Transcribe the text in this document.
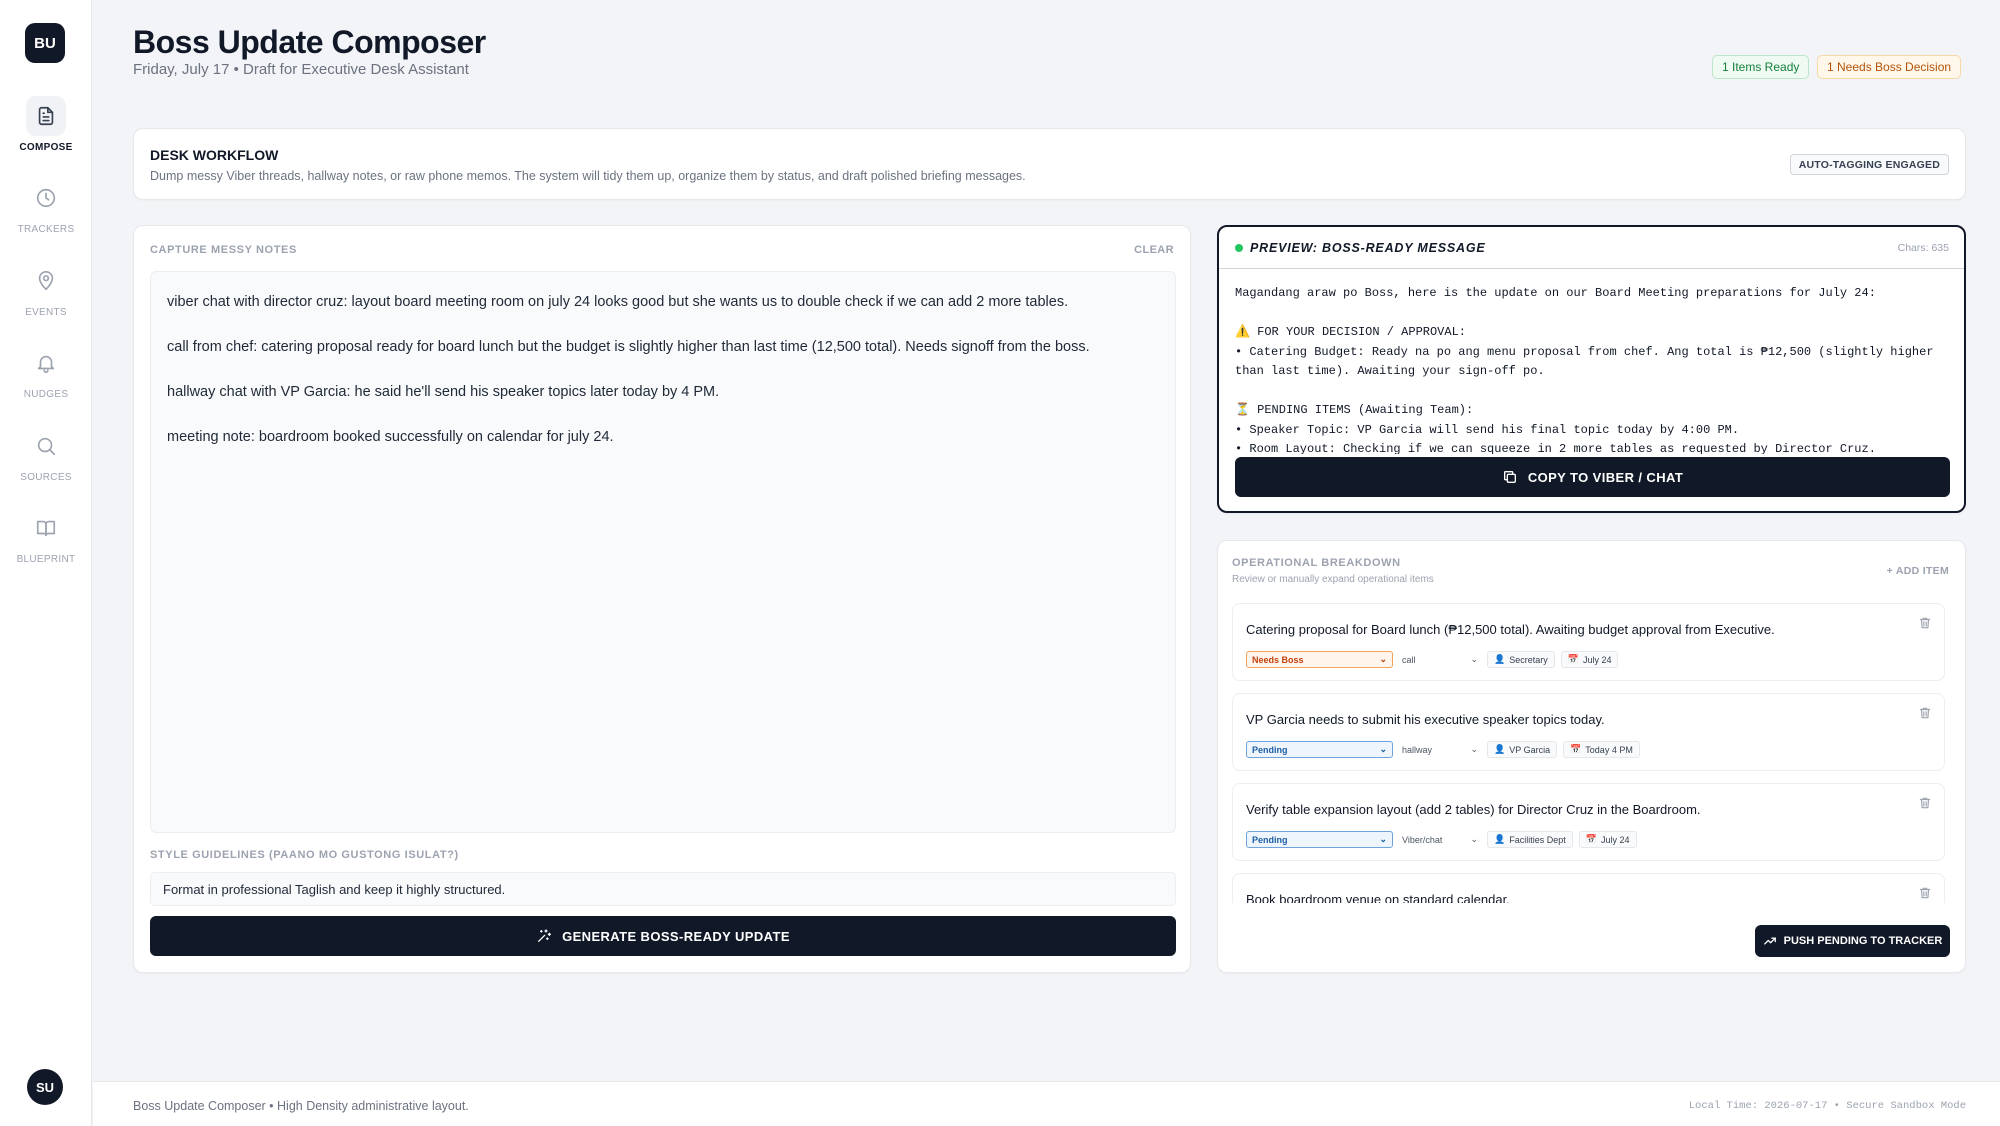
BU
COMPOSE
TRACKERS
EVENTS
NUDGES
SOURCES
BLUEPRINT
SU
Boss Update Composer
Friday, July 17 • Draft for Executive Desk Assistant	1 Items Ready	1 Needs Boss Decision
DESK WORKFLOW
Dump messy Viber threads, hallway notes, or raw phone memos. The system will tidy them up, organize them by status, and draft polished briefing messages.
AUTO-TAGGING ENGAGED
CAPTURE MESSY NOTES	CLEAR
viber chat with director cruz: layout board meeting room on july 24 looks good but she wants us to double check if we can add 2 more tables.
call from chef: catering proposal ready for board lunch but the budget is slightly higher than last time (12,500 total). Needs signoff from the boss.
hallway chat with VP Garcia: he said he'll send his speaker topics later today by 4 PM.
meeting note: boardroom booked successfully on calendar for july 24.
STYLE GUIDELINES (PAANO MO GUSTONG ISULAT?)
Format in professional Taglish and keep it highly structured.
GENERATE BOSS-READY UPDATE
PREVIEW: BOSS-READY MESSAGE	Chars: 635
Magandang araw po Boss, here is the update on our Board Meeting preparations for July 24:

⚠️ FOR YOUR DECISION / APPROVAL:
• Catering Budget: Ready na po ang menu proposal from chef. Ang total is ₱12,500 (slightly higher than last time). Awaiting your sign-off po.

⏳ PENDING ITEMS (Awaiting Team):
• Speaker Topic: VP Garcia will send his final topic today by 4:00 PM.
• Room Layout: Checking if we can squeeze in 2 more tables as requested by Director Cruz.
COPY TO VIBER / CHAT
OPERATIONAL BREAKDOWN
Review or manually expand operational items
+ ADD ITEM
Catering proposal for Board lunch (₱12,500 total). Awaiting budget approval from Executive.
Needs Boss	⌄ call	⌄ 👤 Secretary 📅 July 24
VP Garcia needs to submit his executive speaker topics today.
Pending	⌄ hallway	⌄ 👤 VP Garcia 📅 Today 4 PM
Verify table expansion layout (add 2 tables) for Director Cruz in the Boardroom.
Pending	⌄ Viber/chat	⌄ 👤 Facilities Dept 📅 July 24
Book boardroom venue on standard calendar.
PUSH PENDING TO TRACKER
Boss Update Composer • High Density administrative layout.	Local Time: 2026-07-17 • Secure Sandbox Mode
